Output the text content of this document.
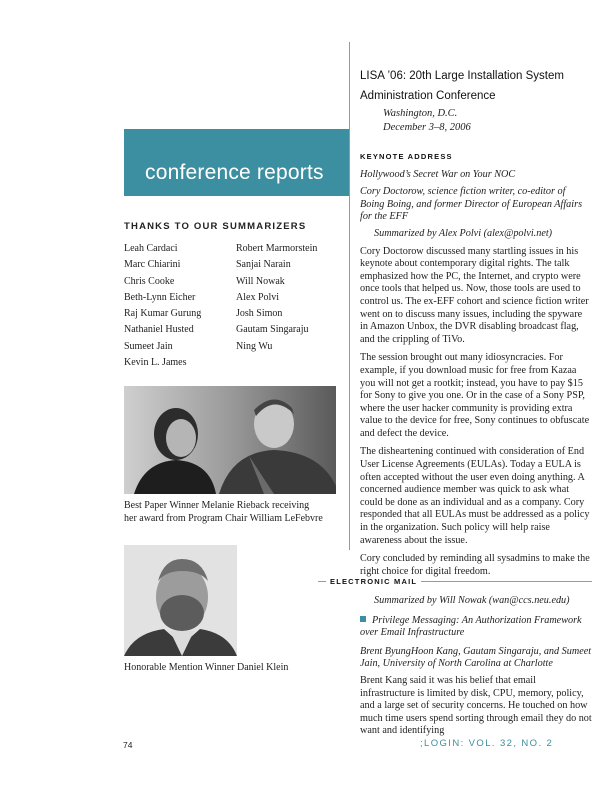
LISA ’06: 20th Large Installation System Administration Conference
Washington, D.C.
December 3–8, 2006
conference reports
THANKS TO OUR SUMMARIZERS
Leah Cardaci
Marc Chiarini
Chris Cooke
Beth-Lynn Eicher
Raj Kumar Gurung
Nathaniel Husted
Sumeet Jain
Kevin L. James
Robert Marmorstein
Sanjai Narain
Will Nowak
Alex Polvi
Josh Simon
Gautam Singaraju
Ning Wu
Best Paper Winner Melanie Rieback receiving her award from Program Chair William LeFebvre
Honorable Mention Winner Daniel Klein
KEYNOTE ADDRESS
Hollywood’s Secret War on Your NOC
Cory Doctorow, science fiction writer, co-editor of Boing Boing, and former Director of European Affairs for the EFF
Summarized by Alex Polvi (alex@polvi.net)

Cory Doctorow discussed many startling issues in his keynote about contemporary digital rights. The talk emphasized how the PC, the Internet, and crypto were once tools that helped us. Now, those tools are used to control us. The ex-EFF cohort and science fiction writer went on to discuss many issues, including the spyware in Amazon Unbox, the DVR disabling broadcast flag, and the crippling of TiVo.

The session brought out many idiosyncracies. For example, if you download music for free from Kazaa you will not get a rootkit; instead, you have to pay $15 for Sony to give you one. Or in the case of a Sony PSP, where the user hacker community is providing extra value to the device for free, Sony continues to obfuscate and defect the device.

The disheartening continued with consideration of End User License Agreements (EULAs). Today a EULA is often accepted without the user even doing anything. A concerned audience member was quick to ask what could be done as an individual and as a company. Cory responded that all EULAs must be addressed as a policy in the organization. Such policy will help raise awareness about the issue.

Cory concluded by reminding all sysadmins to make the right choice for digital freedom.

ELECTRONIC MAIL
Summarized by Will Nowak (wan@ccs.neu.edu)
Privilege Messaging: An Authorization Framework over Email Infrastructure
Brent ByungHoon Kang, Gautam Singaraju, and Sumeet Jain, University of North Carolina at Charlotte

Brent Kang said it was his belief that email infrastructure is limited by disk, CPU, memory, policy, and a large set of security concerns. He touched on how much time users spend sorting through email they do not want and identifying

74	;LOGIN: VOL. 32, NO. 2
